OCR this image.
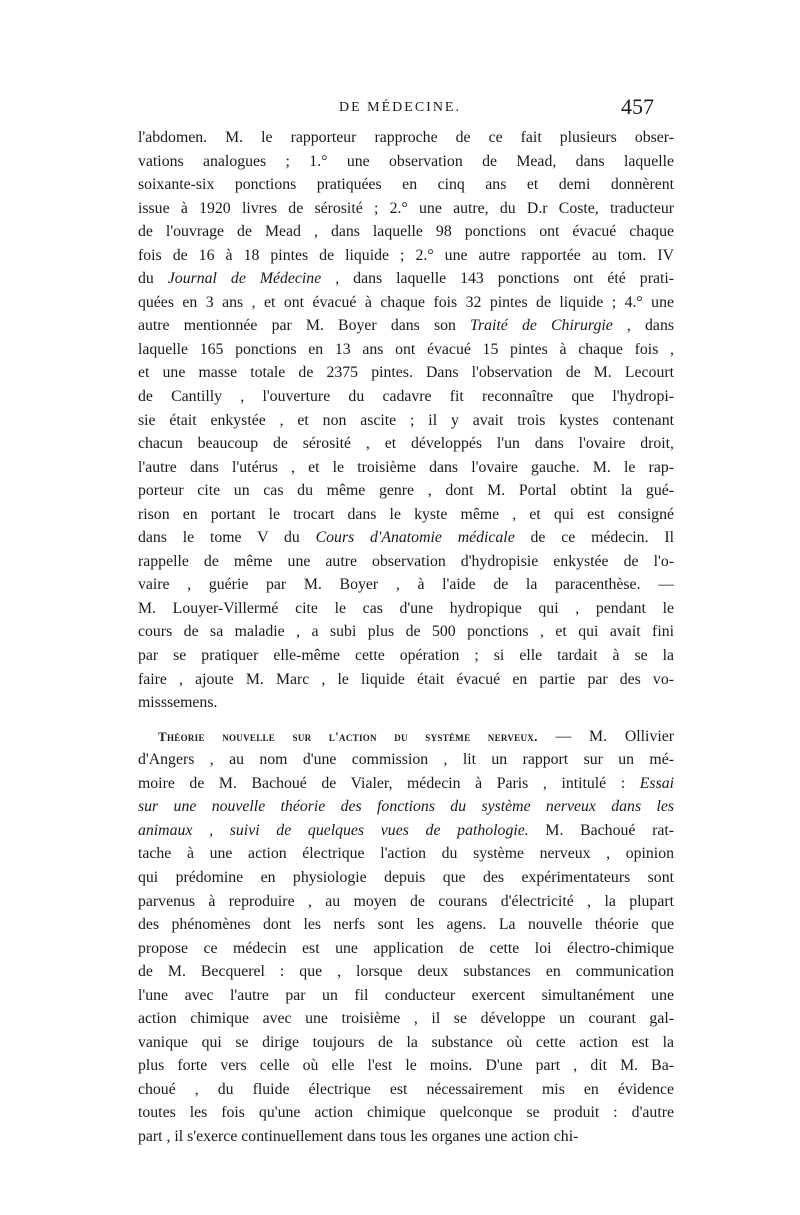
DE MÉDECINE.	457
l'abdomen. M. le rapporteur rapproche de ce fait plusieurs obser-
vations analogues ; 1.° une observation de Mead, dans laquelle
soixante-six ponctions pratiquées en cinq ans et demi donnèrent
issue à 1920 livres de sérosité ; 2.° une autre, du D.r Coste, traducteur
de l'ouvrage de Mead , dans laquelle 98 ponctions ont évacué chaque
fois de 16 à 18 pintes de liquide ; 2.° une autre rapportée au tom. IV
du Journal de Médecine , dans laquelle 143 ponctions ont été prati-
quées en 3 ans , et ont évacué à chaque fois 32 pintes de liquide ; 4.° une
autre mentionnée par M. Boyer dans son Traité de Chirurgie , dans
laquelle 165 ponctions en 13 ans ont évacué 15 pintes à chaque fois ,
et une masse totale de 2375 pintes. Dans l'observation de M. Lecourt
de Cantilly , l'ouverture du cadavre fit reconnaître que l'hydropi-
sie était enkystée , et non ascite ; il y avait trois kystes contenant
chacun beaucoup de sérosité , et développés l'un dans l'ovaire droit,
l'autre dans l'utérus , et le troisième dans l'ovaire gauche. M. le rap-
porteur cite un cas du même genre , dont M. Portal obtint la gué-
rison en portant le trocart dans le kyste même , et qui est consigné
dans le tome V du Cours d'Anatomie médicale de ce médecin. Il
rappelle de même une autre observation d'hydropisie enkystée de l'o-
vaire , guérie par M. Boyer , à l'aide de la paracenthèse. —
M. Louyer-Villermé cite le cas d'une hydropique qui , pendant le
cours de sa maladie , a subi plus de 500 ponctions , et qui avait fini
par se pratiquer elle-même cette opération ; si elle tardait à se la
faire , ajoute M. Marc , le liquide était évacué en partie par des vo-
misssemens.
Théorie nouvelle sur l'action du système nerveux. — M. Ollivier
d'Angers , au nom d'une commission , lit un rapport sur un mé-
moire de M. Bachoué de Vialer, médecin à Paris , intitulé : Essai
sur une nouvelle théorie des fonctions du système nerveux dans les
animaux , suivi de quelques vues de pathologie. M. Bachoué rat-
tache à une action électrique l'action du système nerveux , opinion
qui prédomine en physiologie depuis que des expérimentateurs sont
parvenus à reproduire , au moyen de courans d'électricité , la plupart
des phénomènes dont les nerfs sont les agens. La nouvelle théorie que
propose ce médecin est une application de cette loi électro-chimique
de M. Becquerel : que , lorsque deux substances en communication
l'une avec l'autre par un fil conducteur exercent simultanément une
action chimique avec une troisième , il se développe un courant gal-
vanique qui se dirige toujours de la substance où cette action est la
plus forte vers celle où elle l'est le moins. D'une part , dit M. Ba-
choué , du fluide électrique est nécessairement mis en évidence
toutes les fois qu'une action chimique quelconque se produit : d'autre
part , il s'exerce continuellement dans tous les organes une action chi-
